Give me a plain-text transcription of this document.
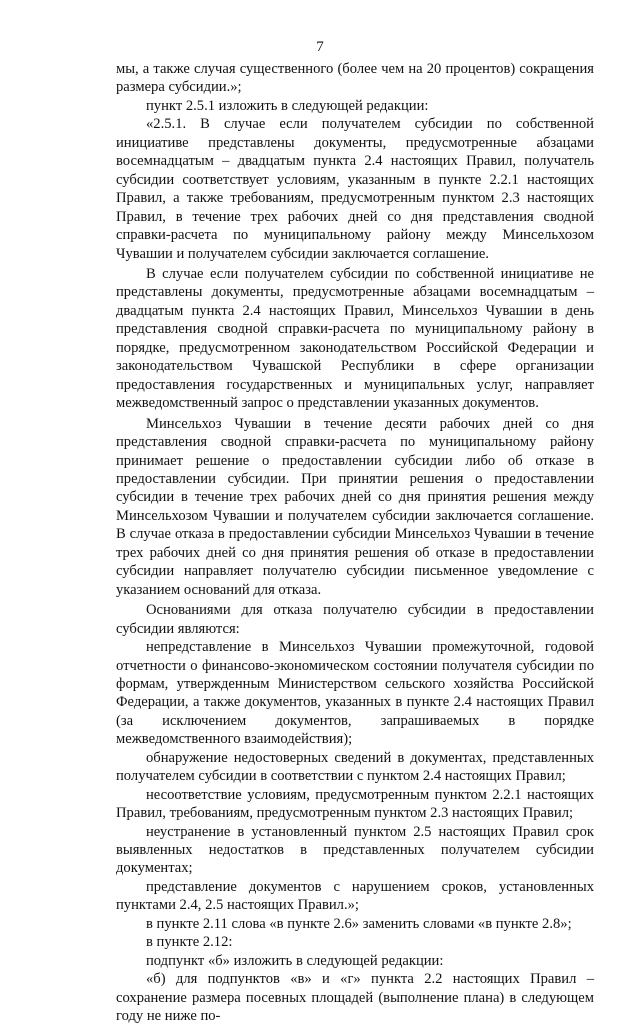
7

мы, а также случая существенного (более чем на 20 процентов) сокращения размера субсидии.»;

пункт 2.5.1 изложить в следующей редакции:

«2.5.1. В случае если получателем субсидии по собственной инициативе представлены документы, предусмотренные абзацами восемнадцатым – двадцатым пункта 2.4 настоящих Правил, получатель субсидии соответствует условиям, указанным в пункте 2.2.1 настоящих Правил, а также требованиям, предусмотренным пунктом 2.3 настоящих Правил, в течение трех рабочих дней со дня представления сводной справки-расчета по муниципальному району между Минсельхозом Чувашии и получателем субсидии заключается соглашение.

В случае если получателем субсидии по собственной инициативе не представлены документы, предусмотренные абзацами восемнадцатым – двадцатым пункта 2.4 настоящих Правил, Минсельхоз Чувашии в день представления сводной справки-расчета по муниципальному району в порядке, предусмотренном законодательством Российской Федерации и законодательством Чувашской Республики в сфере организации предоставления государственных и муниципальных услуг, направляет межведомственный запрос о представлении указанных документов.

Минсельхоз Чувашии в течение десяти рабочих дней со дня представления сводной справки-расчета по муниципальному району принимает решение о предоставлении субсидии либо об отказе в предоставлении субсидии. При принятии решения о предоставлении субсидии в течение трех рабочих дней со дня принятия решения между Минсельхозом Чувашии и получателем субсидии заключается соглашение. В случае отказа в предоставлении субсидии Минсельхоз Чувашии в течение трех рабочих дней со дня принятия решения об отказе в предоставлении субсидии направляет получателю субсидии письменное уведомление с указанием оснований для отказа.

Основаниями для отказа получателю субсидии в предоставлении субсидии являются:

непредставление в Минсельхоз Чувашии промежуточной, годовой отчетности о финансово-экономическом состоянии получателя субсидии по формам, утвержденным Министерством сельского хозяйства Российской Федерации, а также документов, указанных в пункте 2.4 настоящих Правил (за исключением документов, запрашиваемых в порядке межведомственного взаимодействия);

обнаружение недостоверных сведений в документах, представленных получателем субсидии в соответствии с пунктом 2.4 настоящих Правил;

несоответствие условиям, предусмотренным пунктом 2.2.1 настоящих Правил, требованиям, предусмотренным пунктом 2.3 настоящих Правил;

неустранение в установленный пунктом 2.5 настоящих Правил срок выявленных недостатков в представленных получателем субсидии документах;

представление документов с нарушением сроков, установленных пунктами 2.4, 2.5 настоящих Правил.»;

в пункте 2.11 слова «в пункте 2.6» заменить словами «в пункте 2.8»;

в пункте 2.12:

подпункт «б» изложить в следующей редакции:

«б) для подпунктов «в» и «г» пункта 2.2 настоящих Правил – сохранение размера посевных площадей (выполнение плана) в следующем году не ниже по-
